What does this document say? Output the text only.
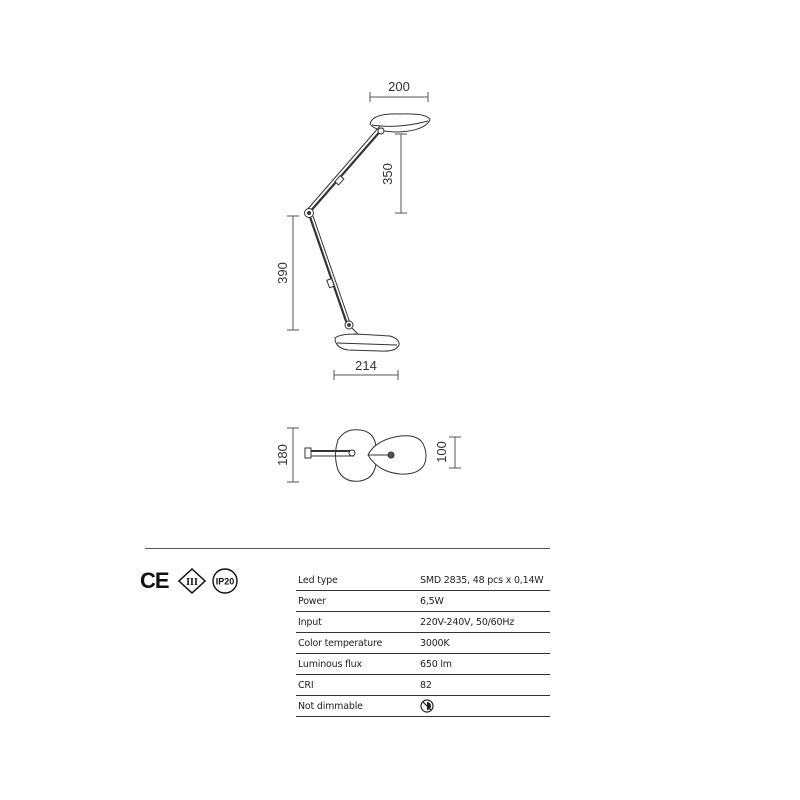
200
350
390
214
180	100
CE III IP20	Led type	SMD 2835, 48 pcs x 0,14W
Power	6,5W
Input	220V-240V, 50/60Hz
Color temperature	3000K
Luminous flux	650 lm
CRI	82
Not dimmable	
